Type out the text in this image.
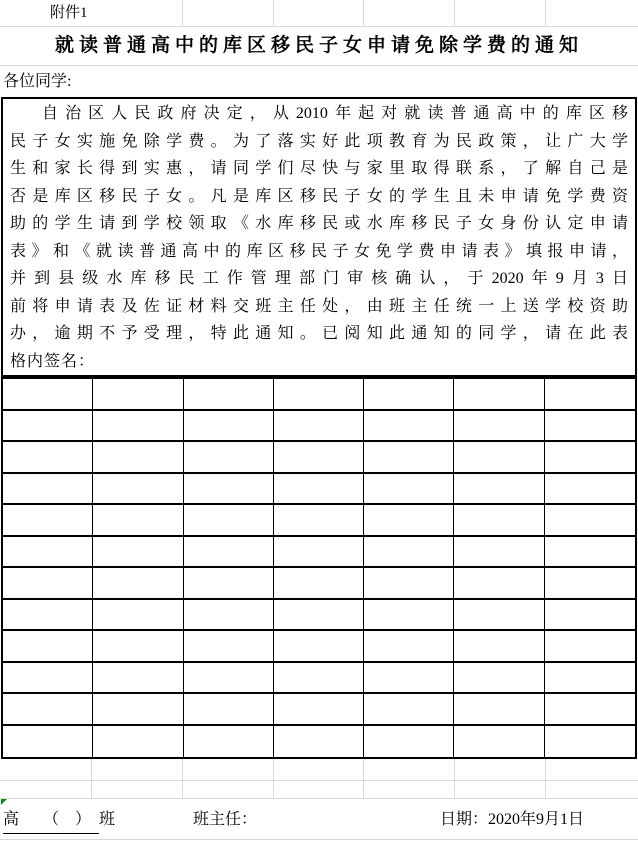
附件1
就读普通高中的库区移民子女申请免除学费的通知
各位同学:
自治区人民政府决定，从2010年起对就读普通高中的库区移
民子女实施免除学费。为了落实好此项教育为民政策，让广大学
生和家长得到实惠，请同学们尽快与家里取得联系，了解自己是
否是库区移民子女。凡是库区移民子女的学生且未申请免学费资
助的学生请到学校领取《水库移民或水库移民子女身份认定申请
表》和《就读普通高中的库区移民子女免学费申请表》填报申请，
并到县级水库移民工作管理部门审核确认，于2020年9月3日
前将申请表及佐证材料交班主任处，由班主任统一上送学校资助
办，逾期不予受理，特此通知。已阅知此通知的同学，请在此表
格内签名：
高　　（　）　班	班主任：	日期：2020年9月1日
